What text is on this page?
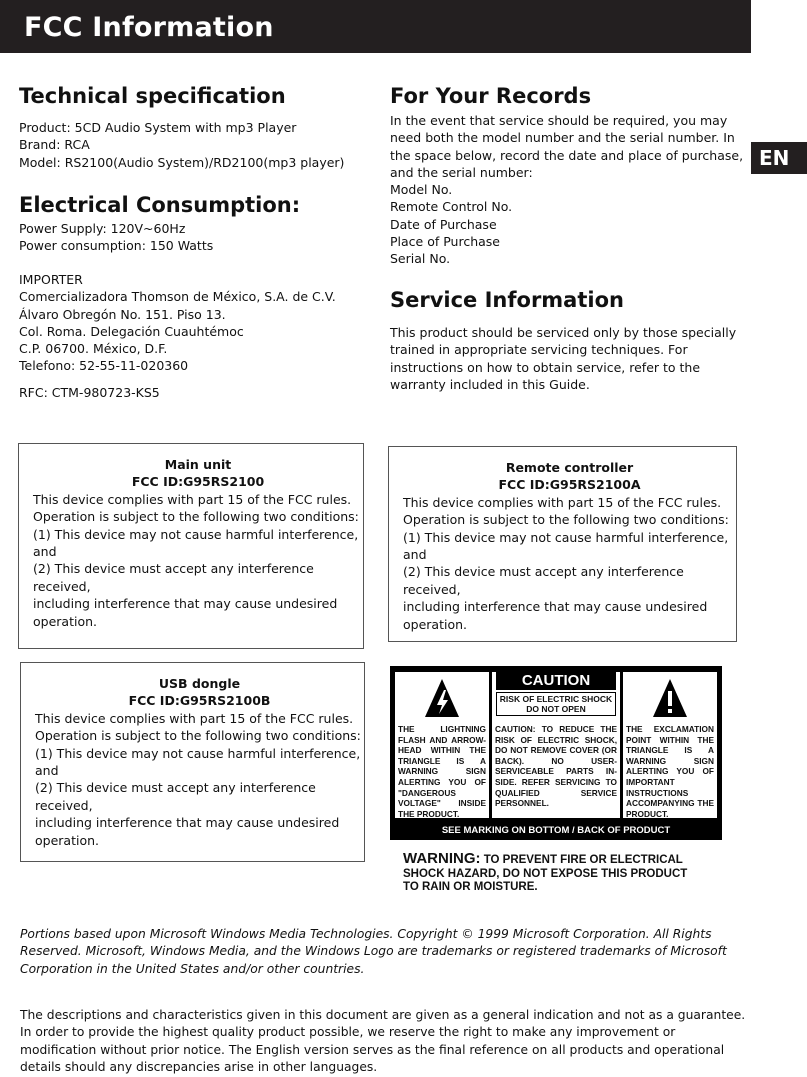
FCC Information
EN
Technical specification

Product: 5CD Audio System with mp3 Player

Brand: RCA

Model: RS2100(Audio System)/RD2100(mp3 player)

Electrical Consumption:

Power Supply: 120V~60Hz

Power consumption: 150 Watts

IMPORTER

Comercializadora Thomson de México, S.A. de C.V.

Álvaro Obregón No. 151. Piso 13.

Col. Roma. Delegación Cuauhtémoc

C.P. 06700. México, D.F.

Telefono: 52-55-11-020360

RFC: CTM-980723-KS5

For Your Records

In the event that service should be required, you may

need both the model number and the serial number. In

the space below, record the date and place of purchase,

and the serial number:

Model No.

Remote Control No.

Date of Purchase

Place of Purchase

Serial No.

Service Information

This product should be serviced only by those specially

trained in appropriate servicing techniques. For

instructions on how to obtain service, refer to the

warranty included in this Guide.

Main unit
FCC ID:G95RS2100

This device complies with part 15 of the FCC rules.

Operation is subject to the following two conditions:

(1) This device may not cause harmful interference,

and

(2) This device must accept any interference

received,

including interference that may cause undesired

operation.

Remote controller
FCC ID:G95RS2100A

This device complies with part 15 of the FCC rules.

Operation is subject to the following two conditions:

(1) This device may not cause harmful interference,

and

(2) This device must accept any interference

received,

including interference that may cause undesired

operation.

USB dongle
FCC ID:G95RS2100B

This device complies with part 15 of the FCC rules.

Operation is subject to the following two conditions:

(1) This device may not cause harmful interference,

and

(2) This device must accept any interference

received,

including interference that may cause undesired

operation.

THE LIGHTNING FLASH AND ARROW-HEAD WITHIN THE TRIANGLE IS A WARNING SIGN ALERTING YOU OF "DANGEROUS VOLTAGE" INSIDE THE PRODUCT.
CAUTION
RISK OF ELECTRIC SHOCK
DO NOT OPEN
CAUTION: TO REDUCE THE RISK OF ELECTRIC SHOCK, DO NOT REMOVE COVER (OR BACK). NO USER-SERVICEABLE PARTS IN-SIDE. REFER SERVICING TO QUALIFIED SERVICE PERSONNEL.
THE EXCLAMATION POINT WITHIN THE TRIANGLE IS A WARNING SIGN ALERTING YOU OF IMPORTANT INSTRUCTIONS ACCOMPANYING THE PRODUCT.
SEE MARKING ON BOTTOM / BACK OF PRODUCT
WARNING: TO PREVENT FIRE OR ELECTRICAL
SHOCK HAZARD, DO NOT EXPOSE THIS PRODUCT
TO RAIN OR MOISTURE.
Portions based upon Microsoft Windows Media Technologies. Copyright © 1999 Microsoft Corporation. All Rights
Reserved. Microsoft, Windows Media, and the Windows Logo are trademarks or registered trademarks of Microsoft
Corporation in the United States and/or other countries.
The descriptions and characteristics given in this document are given as a general indication and not as a guarantee.
In order to provide the highest quality product possible, we reserve the right to make any improvement or
modification without prior notice. The English version serves as the final reference on all products and operational
details should any discrepancies arise in other languages.
